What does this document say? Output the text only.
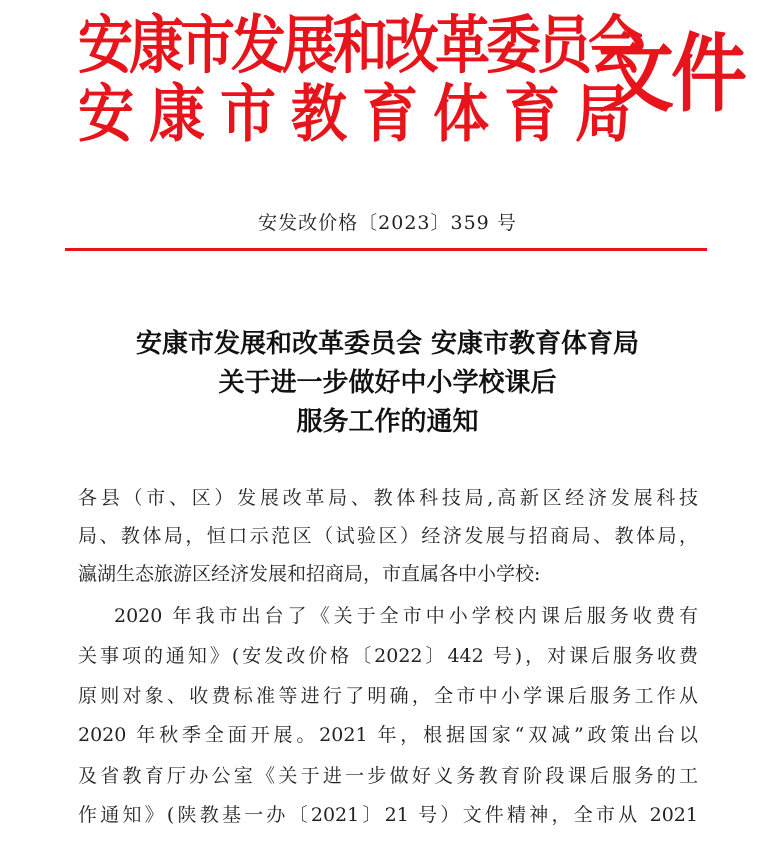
安康市发展和改革委员会
安康市教育体育局
文件
安发改价格〔2023〕359 号
安康市发展和改革委员会 安康市教育体育局
关于进一步做好中小学校课后
服务工作的通知
各县（市、区）发展改革局、教体科技局,高新区经济发展科技
局、教体局，恒口示范区（试验区）经济发展与招商局、教体局，
瀛湖生态旅游区经济发展和招商局，市直属各中小学校:
2020 年我市出台了《关于全市中小学校内课后服务收费有
关事项的通知》(安发改价格〔2022〕442 号)，对课后服务收费
原则对象、收费标准等进行了明确，全市中小学课后服务工作从
2020 年秋季全面开展。2021 年，根据国家“双减”政策出台以
及省教育厅办公室《关于进一步做好义务教育阶段课后服务的工
作通知》(陕教基一办〔2021〕21 号）文件精神，全市从 2021
